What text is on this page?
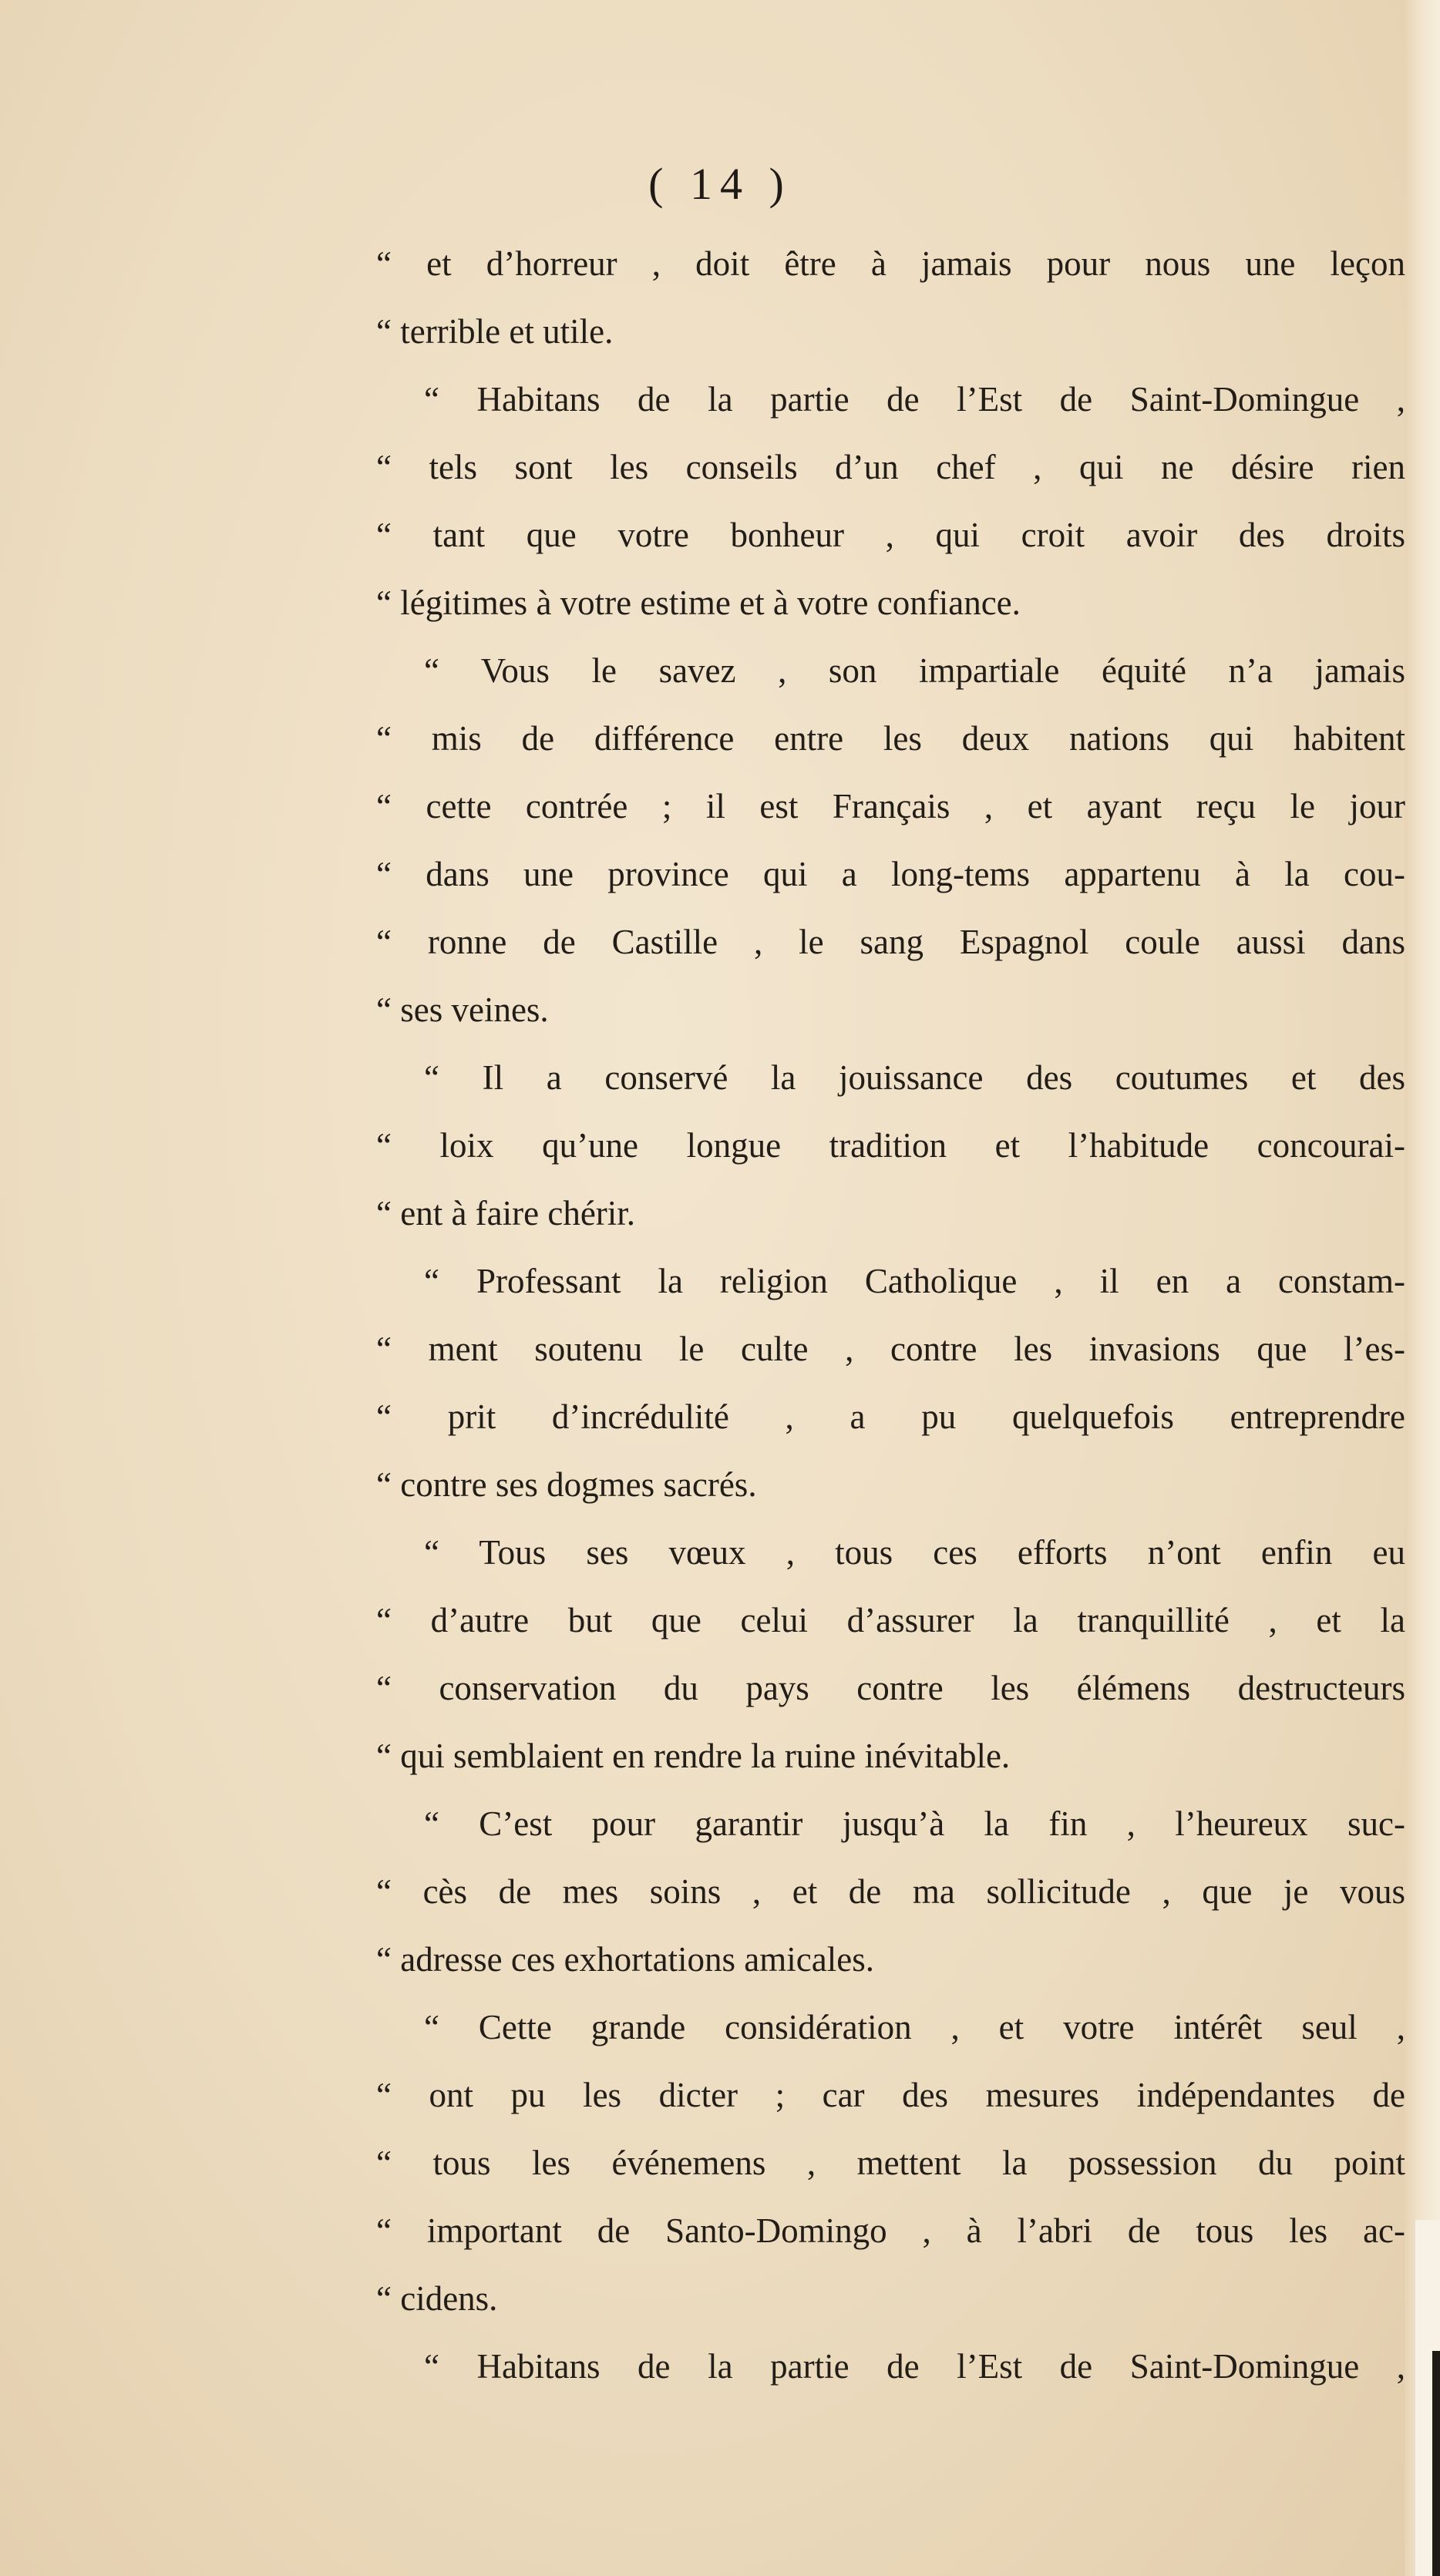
( 14 )
“ et d’horreur , doit être à jamais pour nous une leçon
“ terrible et utile.
“ Habitans de la partie de l’Est de Saint-Domingue ,
“ tels sont les conseils d’un chef , qui ne désire rien
“ tant que votre bonheur , qui croit avoir des droits
“ légitimes à votre estime et à votre confiance.
“ Vous le savez , son impartiale équité n’a jamais
“ mis de différence entre les deux nations qui habitent
“ cette contrée ; il est Français , et ayant reçu le jour
“ dans une province qui a long-tems appartenu à la cou-
“ ronne de Castille , le sang Espagnol coule aussi dans
“ ses veines.
“ Il a conservé la jouissance des coutumes et des
“ loix qu’une longue tradition et l’habitude concourai-
“ ent à faire chérir.
“ Professant la religion Catholique , il en a constam-
“ ment soutenu le culte , contre les invasions que l’es-
“ prit d’incrédulité , a pu quelquefois entreprendre
“ contre ses dogmes sacrés.
“ Tous ses vœux , tous ces efforts n’ont enfin eu
“ d’autre but que celui d’assurer la tranquillité , et la
“ conservation du pays contre les élémens destructeurs
“ qui semblaient en rendre la ruine inévitable.
“ C’est pour garantir jusqu’à la fin , l’heureux suc-
“ cès de mes soins , et de ma sollicitude , que je vous
“ adresse ces exhortations amicales.
“ Cette grande considération , et votre intérêt seul ,
“ ont pu les dicter ; car des mesures indépendantes de
“ tous les événemens , mettent la possession du point
“ important de Santo-Domingo , à l’abri de tous les ac-
“ cidens.
“ Habitans de la partie de l’Est de Saint-Domingue ,
